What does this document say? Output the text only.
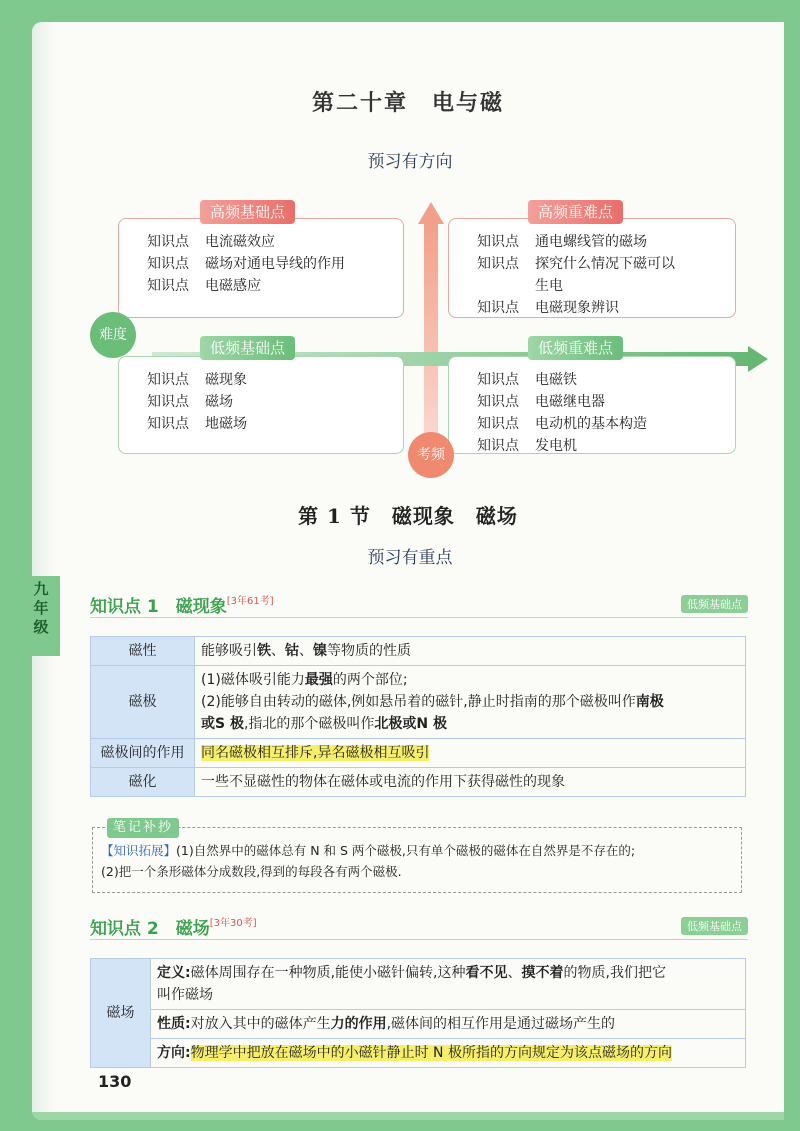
第二十章　电与磁
预习有方向
知识点	电流磁效应
知识点	磁场对通电导线的作用
知识点	电磁感应
高频基础点
知识点	通电螺线管的磁场
知识点	探究什么情况下磁可以
生电
知识点	电磁现象辨识
高频重难点
知识点	磁现象
知识点	磁场
知识点	地磁场
低频基础点
知识点	电磁铁
知识点	电磁继电器
知识点	电动机的基本构造
知识点	发电机
低频重难点
难度
考频
第 1 节　磁现象　磁场
预习有重点
知识点 1　磁现象[3年61考]	低频基础点
磁性	能够吸引铁、钴、镍等物质的性质
磁极	(1)磁体吸引能力最强的两个部位;
(2)能够自由转动的磁体,例如悬吊着的磁针,静止时指南的那个磁极叫作南极
或S 极,指北的那个磁极叫作北极或N 极

磁极间的作用	同名磁极相互排斥,异名磁极相互吸引
磁化	一些不显磁性的物体在磁体或电流的作用下获得磁性的现象
笔记补抄
【知识拓展】(1)自然界中的磁体总有 N 和 S 两个磁极,只有单个磁极的磁体在自然界是不存在的;
(2)把一个条形磁体分成数段,得到的每段各有两个磁极.
知识点 2　磁场[3年30考]	低频基础点
磁场	
定义:磁体周围存在一种物质,能使小磁针偏转,这种看不见、摸不着的物质,我们把它
叫作磁场

性质:对放入其中的磁体产生力的作用,磁体间的相互作用是通过磁场产生的
方向:物理学中把放在磁场中的小磁针静止时 N 极所指的方向规定为该点磁场的方向
130
九年级
